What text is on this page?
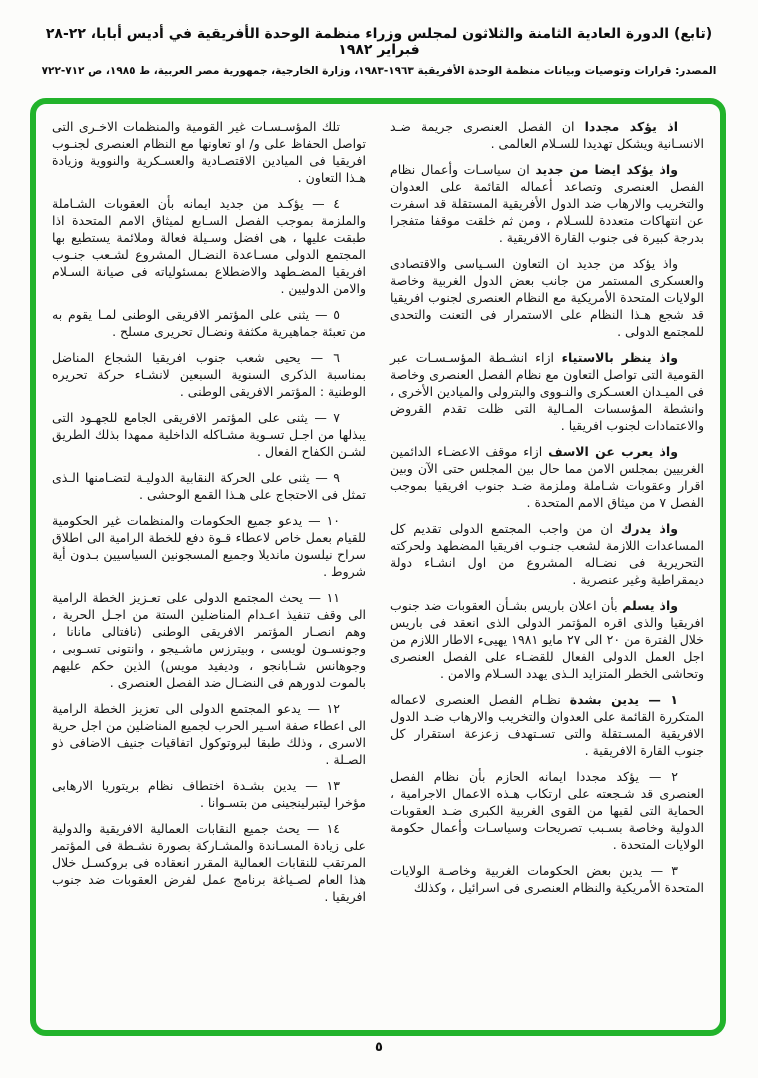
(تابع) الدورة العادية الثامنة والثلاثون لمجلس وزراء منظمة الوحدة الأفريقية في أديس أبابا، ٢٢-٢٨ فبراير ١٩٨٢
المصدر: قرارات وتوصيات وبيانات منظمة الوحدة الأفريقية ١٩٦٣-١٩٨٣، وزارة الخارجية، جمهورية مصر العربية، ط ١٩٨٥، ص ٧١٢-٧٢٢

اذ يؤكد مجددا ان الفصل العنصرى جريمة ضـد الانسـانية ويشكل تهديدا للسـلام العالمى .

واذ يؤكد ايضا من جديد ان سياسـات وأعمال نظام الفصل العنصرى وتصاعد أعماله القائمة على العدوان والتخريب والارهاب ضد الدول الأفريقية المستقلة قد اسفرت عن انتهاكات متعددة للسـلام ، ومن ثم خلقت موقفا متفجرا بدرجة كبيرة فى جنوب القارة الافريقية .

واذ يؤكد من جديد ان التعاون السـياسى والاقتصادى والعسكرى المستمر من جانب بعض الدول الغربية وخاصة الولايات المتحدة الأمريكية مع النظام العنصرى لجنوب افريقيا قد شجع هـذا النظام على الاستمرار فى التعنت والتحدى للمجتمع الدولى .

واذ ينظر بالاستياء ازاء انشـطة المؤسـسـات عبر القومية التى تواصل التعاون مع نظام الفصل العنصرى وخاصة فى الميـدان العسـكرى والنـووى والبترولى والميادين الأخرى ، وانشطة المؤسسات المـالية التى ظلت تقدم القروض والاعتمادات لجنوب افريقيا .

واذ يعرب عن الاسف ازاء موقف الاعضـاء الدائمين الغربيين بمجلس الامن مما حال بين المجلس حتى الآن وبين اقرار وعقوبات شـاملة وملزمة ضـد جنوب افريقيا بموجب الفصل ٧ من ميثاق الامم المتحدة .

واذ يدرك ان من واجب المجتمع الدولى تقديم كل المساعدات اللازمة لشعب جنـوب افريقيا المضطهد ولحركته التحريرية فى نضـاله المشروع من اول انشـاء دولة ديمقراطية وغير عنصرية .

واذ يسلم بأن اعلان باريس بشـأن العقوبات ضد جنوب افريقيا والذى اقره المؤتمر الدولى الذى انعقد فى باريس خلال الفترة من ٢٠ الى ٢٧ مايو ١٩٨١ يهيىء الاطار اللازم من اجل العمل الدولى الفعال للقضـاء على الفصل العنصرى وتحاشى الخطر المتزايد الـذى يهدد السـلام والامن .

١ — يدين بشدة نظـام الفصل العنصرى لاعماله المتكررة القائمة على العدوان والتخريب والارهاب ضـد الدول الافريقية المسـتقلة والتى تسـتهدف زعزعة استقرار كل جنوب القارة الافريقية .

٢ — يؤكد مجددا ايمانه الحازم بأن نظام الفصل العنصرى قد شـجعته على ارتكاب هـذه الاعمال الاجرامية ، الحماية التى لقيها من القوى الغربية الكبرى ضـد العقوبات الدولية وخاصة بسـبب تصريحات وسياسـات وأعمال حكومة الولايات المتحدة .

٣ — يدين بعض الحكومات الغربية وخاصـة الولايات المتحدة الأمريكية والنظام العنصرى فى اسرائيل ، وكذلك

تلك المؤسـسـات غير القومية والمنظمات الاخـرى التى تواصل الحفاظ على و/ او تعاونها مع النظام العنصرى لجنـوب افريقيا فى الميادين الاقتصـادية والعسـكرية والنووية وزيادة هـذا التعاون .

٤ — يؤكـد من جديد ايمانه بأن العقوبات الشـاملة والملزمة بموجب الفصل السـابع لميثاق الامم المتحدة اذا طبقت عليها ، هى افضل وسـيلة فعالة وملائمة يستطيع بها المجتمع الدولى مسـاعدة النضـال المشروع لشـعب جنـوب افريقيا المضـطهد والاضطلاع بمسئولياته فى صيانة السـلام والامن الدوليين .

٥ — يثنى على المؤتمر الافريقى الوطنى لمـا يقوم به من تعبئة جماهيرية مكثفة ونضـال تحريرى مسلح .

٦ — يحيى شعب جنوب افريقيا الشجاع المناضل بمناسبة الذكرى السنوية السبعين لانشـاء حركة تحريره الوطنية : المؤتمر الافريقى الوطنى .

٧ — يثنى على المؤتمر الافريقى الجامع للجهـود التى يبذلها من اجـل تسـوية مشـاكله الداخلية ممهدا بذلك الطريق لشـن الكفاح الفعال .

٩ — يثنى على الحركة النقابية الدوليـة لتضـامنها الـذى تمثل فى الاحتجاج على هـذا القمع الوحشى .

١٠ — يدعو جميع الحكومات والمنظمات غير الحكومية للقيام بعمل خاص لاعطاء قـوة دفع للخطة الرامية الى اطلاق سراح نيلسون مانديلا وجميع المسجونين السياسيين بـدون أية شروط .

١١ — يحث المجتمع الدولى على تعـزيز الخطة الرامية الى وقف تنفيذ اعـدام المناضلين الستة من اجـل الحرية ، وهم انصـار المؤتمر الافريقى الوطنى (نافتالى مانانا ، وجونسـون لويسى ، وبيترزس ماشـيجو ، وانتونى تسـوبى ، وجوهانس شـابانجو ، وديفيد مويس) الذين حكم عليهم بالموت لدورهم فى النضـال ضد الفصل العنصرى .

١٢ — يدعو المجتمع الدولى الى تعزيز الخطة الرامية الى اعطاء صفة اسـير الحرب لجميع المناضلين من اجل حرية الاسرى ، وذلك طبقا لبروتوكول اتفاقيات جنيف الاضافى ذو الصـلة .

١٣ — يدين بشـدة اختطاف نظام بريتوريا الارهابى مؤخرا ليتبرلينجينى من بتسـوانا .

١٤ — يحث جميع النقابات العمالية الافريقية والدولية على زيادة المسـاندة والمشـاركة بصورة نشـطة فى المؤتمر المرتقب للنقابات العمالية المقرر انعقاده فى بروكسـل خلال هذا العام لصـياغة برنامج عمل لفرض العقوبات ضد جنوب افريقيا .

٥
